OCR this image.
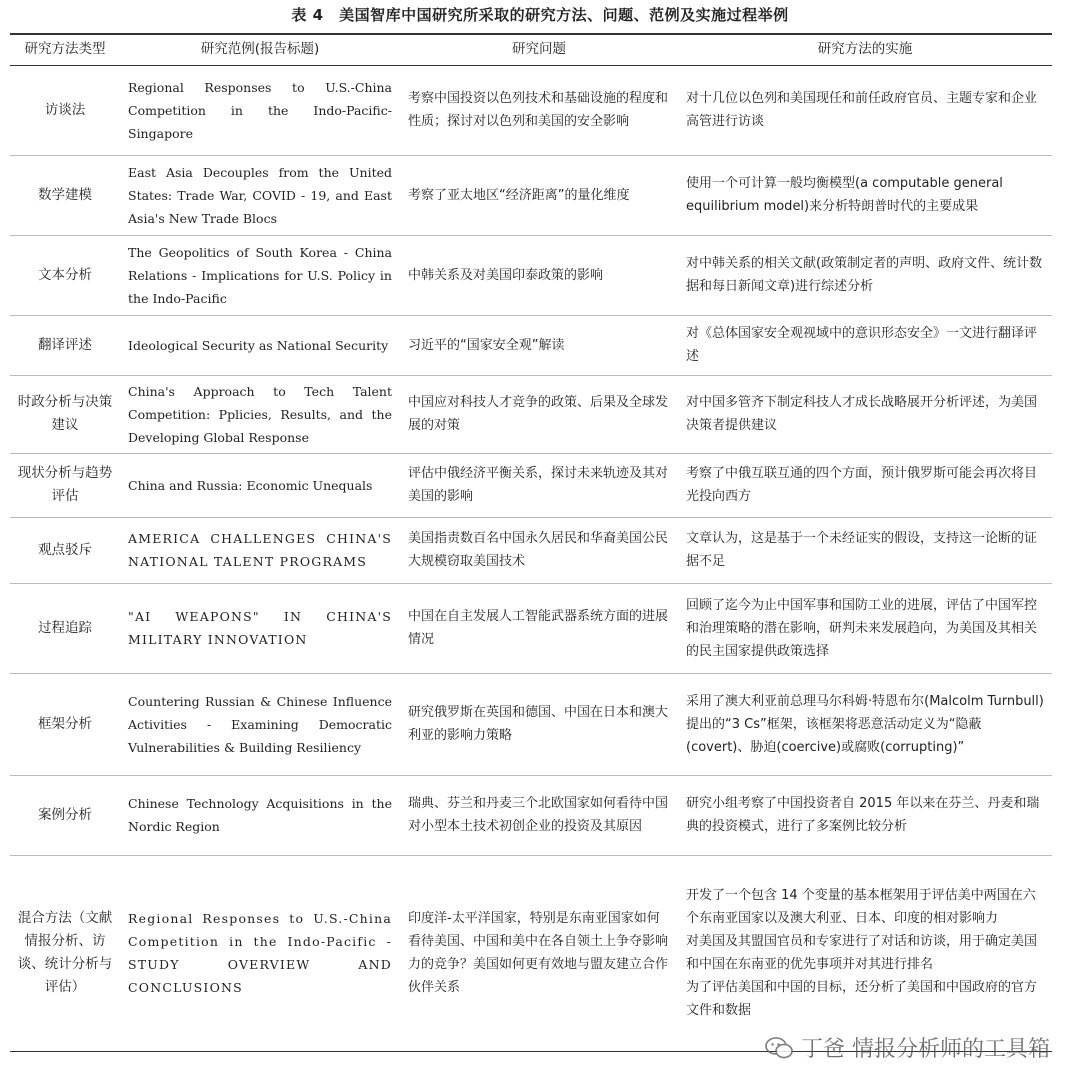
表 4　美国智库中国研究所采取的研究方法、问题、范例及实施过程举例
研究方法类型	研究范例(报告标题)	研究问题	研究方法的实施
访谈法	Regional Responses to U.S.-China Competition in the Indo-Pacific- Singapore	考察中国投资以色列技术和基础设施的程度和性质；探讨对以色列和美国的安全影响	对十几位以色列和美国现任和前任政府官员、主题专家和企业高管进行访谈
数学建模	East Asia Decouples from the United States: Trade War, COVID - 19, and East Asia's New Trade Blocs	考察了亚太地区“经济距离”的量化维度	使用一个可计算一般均衡模型(a computable general equilibrium model)来分析特朗普时代的主要成果
文本分析	The Geopolitics of South Korea - China Relations - Implications for U.S. Policy in the Indo-Pacific	中韩关系及对美国印泰政策的影响	对中韩关系的相关文献(政策制定者的声明、政府文件、统计数据和每日新闻文章)进行综述分析
翻译评述	Ideological Security as National Security	习近平的“国家安全观”解读	对《总体国家安全观视域中的意识形态安全》一文进行翻译评述
时政分析与决策建议	China's Approach to Tech Talent Competition: Pplicies, Results, and the Developing Global Response	中国应对科技人才竞争的政策、后果及全球发展的对策	对中国多管齐下制定科技人才成长战略展开分析评述，为美国决策者提供建议
现状分析与趋势评估	China and Russia: Economic Unequals	评估中俄经济平衡关系，探讨未来轨迹及其对美国的影响	考察了中俄互联互通的四个方面，预计俄罗斯可能会再次将目光投向西方
观点驳斥	AMERICA CHALLENGES CHINA'S NATIONAL TALENT PROGRAMS	美国指责数百名中国永久居民和华裔美国公民大规模窃取美国技术	文章认为，这是基于一个未经证实的假设，支持这一论断的证据不足
过程追踪	"AI WEAPONS" IN CHINA'S MILITARY INNOVATION	中国在自主发展人工智能武器系统方面的进展情况	回顾了迄今为止中国军事和国防工业的进展，评估了中国军控和治理策略的潜在影响，研判未来发展趋向，为美国及其相关的民主国家提供政策选择
框架分析	Countering Russian & Chinese Influence Activities - Examining Democratic Vulnerabilities & Building Resiliency	研究俄罗斯在英国和德国、中国在日本和澳大利亚的影响力策略	采用了澳大利亚前总理马尔科姆·特恩布尔(Malcolm Turnbull)提出的“3 Cs”框架，该框架将恶意活动定义为“隐蔽(covert)、胁迫(coercive)或腐败(corrupting)”
案例分析	Chinese Technology Acquisitions in the Nordic Region	瑞典、芬兰和丹麦三个北欧国家如何看待中国对小型本土技术初创企业的投资及其原因	研究小组考察了中国投资者自 2015 年以来在芬兰、丹麦和瑞典的投资模式，进行了多案例比较分析
混合方法（文献情报分析、访谈、统计分析与评估）	Regional Responses to U.S.-China Competition in the Indo-Pacific - STUDY OVERVIEW AND CONCLUSIONS	印度洋-太平洋国家，特别是东南亚国家如何看待美国、中国和美中在各自领土上争夺影响力的竞争？美国如何更有效地与盟友建立合作伙伴关系	开发了一个包含 14 个变量的基本框架用于评估美中两国在六个东南亚国家以及澳大利亚、日本、印度的相对影响力
对美国及其盟国官员和专家进行了对话和访谈，用于确定美国和中国在东南亚的优先事项并对其进行排名
为了评估美国和中国的目标，还分析了美国和中国政府的官方文件和数据
丁爸 情报分析师的工具箱
